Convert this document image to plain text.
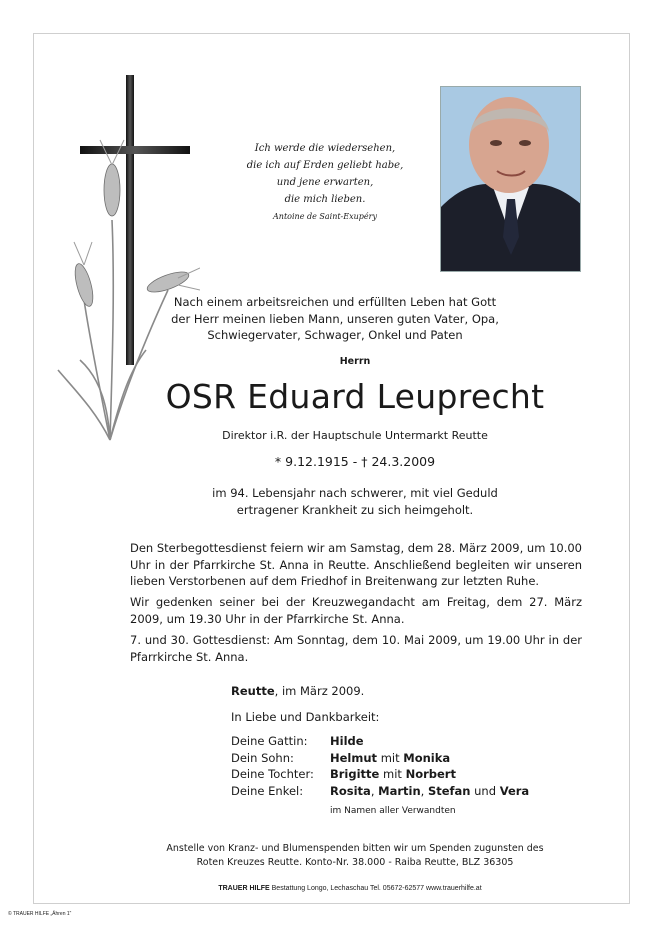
Ich werde die wiedersehen,
die ich auf Erden geliebt habe,
und jene erwarten,
die mich lieben.
Antoine de Saint-Exupéry
Nach einem arbeitsreichen und erfüllten Leben hat Gott
der Herr meinen lieben Mann, unseren guten Vater, Opa,
Schwiegervater, Schwager, Onkel und Paten
Herrn
OSR Eduard Leuprecht
Direktor i.R. der Hauptschule Untermarkt Reutte
* 9.12.1915 - † 24.3.2009
im 94. Lebensjahr nach schwerer, mit viel Geduld
ertragener Krankheit zu sich heimgeholt.
Den Sterbegottesdienst feiern wir am Samstag, dem 28. März 2009, um 10.00 Uhr in der Pfarrkirche St. Anna in Reutte. Anschließend begleiten wir unseren lieben Verstorbenen auf dem Friedhof in Breitenwang zur letzten Ruhe.
Wir gedenken seiner bei der Kreuzwegandacht am Freitag, dem 27. März 2009, um 19.30 Uhr in der Pfarrkirche St. Anna.
7. und 30. Gottesdienst: Am Sonntag, dem 10. Mai 2009, um 19.00 Uhr in der Pfarrkirche St. Anna.
Reutte, im März 2009.
In Liebe und Dankbarkeit:
Deine Gattin:	Hilde
Dein Sohn:	Helmut mit Monika
Deine Tochter:	Brigitte mit Norbert
Deine Enkel:	Rosita, Martin, Stefan und Vera
im Namen aller Verwandten
Anstelle von Kranz- und Blumenspenden bitten wir um Spenden zugunsten des
Roten Kreuzes Reutte. Konto-Nr. 38.000 - Raiba Reutte, BLZ 36305
TRAUER HILFE Bestattung Longo, Lechaschau Tel. 05672-62577 www.trauerhilfe.at
© TRAUER HILFE „Ähren 1“
